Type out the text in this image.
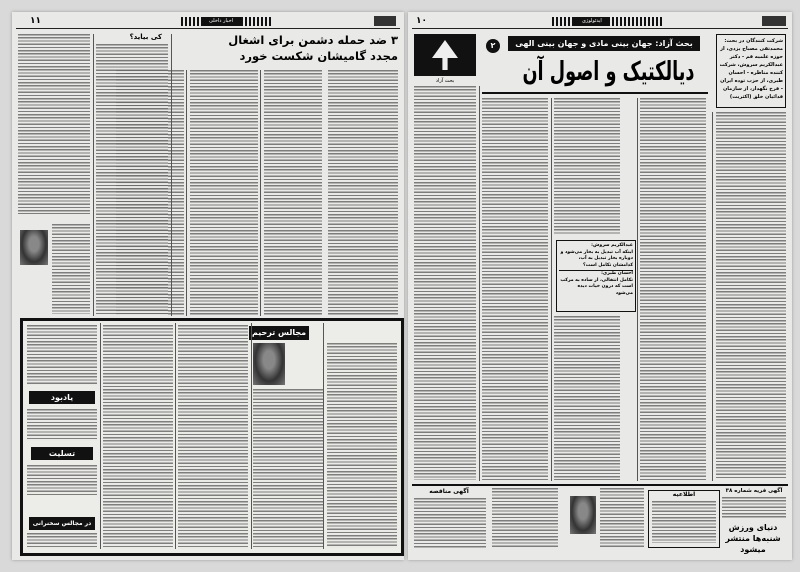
۱۱	اخبار داخلی
۳ ضد حمله دشمن برای اشغال
مجدد گامیشان شکست خورد
کی بیاید؟
مجالس ترحیم
یادبود
تسلیت
در مجالس سخنرانی
۱۰	ایدئولوژی
بحث آزاد
بحث آزاد: جهان بینی مادی و جهان بینی الهی
۲
دیالکتیک و اصول آن
شرکت کنندگان در بحث: محمدتقی مصباح یزدی، از حوزه علمیه قم - دکتر عبدالکریم سروش، شرکت کننده مناظره - احسان طبری، از حزب توده ایران - فرخ نگهدار، از سازمان فدائیان خلق (اکثریت)
عبدالکریم سروش:
اینکه آب تبدیل به بخار می‌شود و دوباره بخار تبدیل به آب، کدامشان تکامل است؟
احسان طبری:
تکامل انتقالی، از ساده به مرکب است که درون خیات دیده می‌شود
آگهی مناقصه	اطلاعیه	آگهی فریه شماره ۳۸
دنیای ورزش شنبه‌ها منتشر میشود
